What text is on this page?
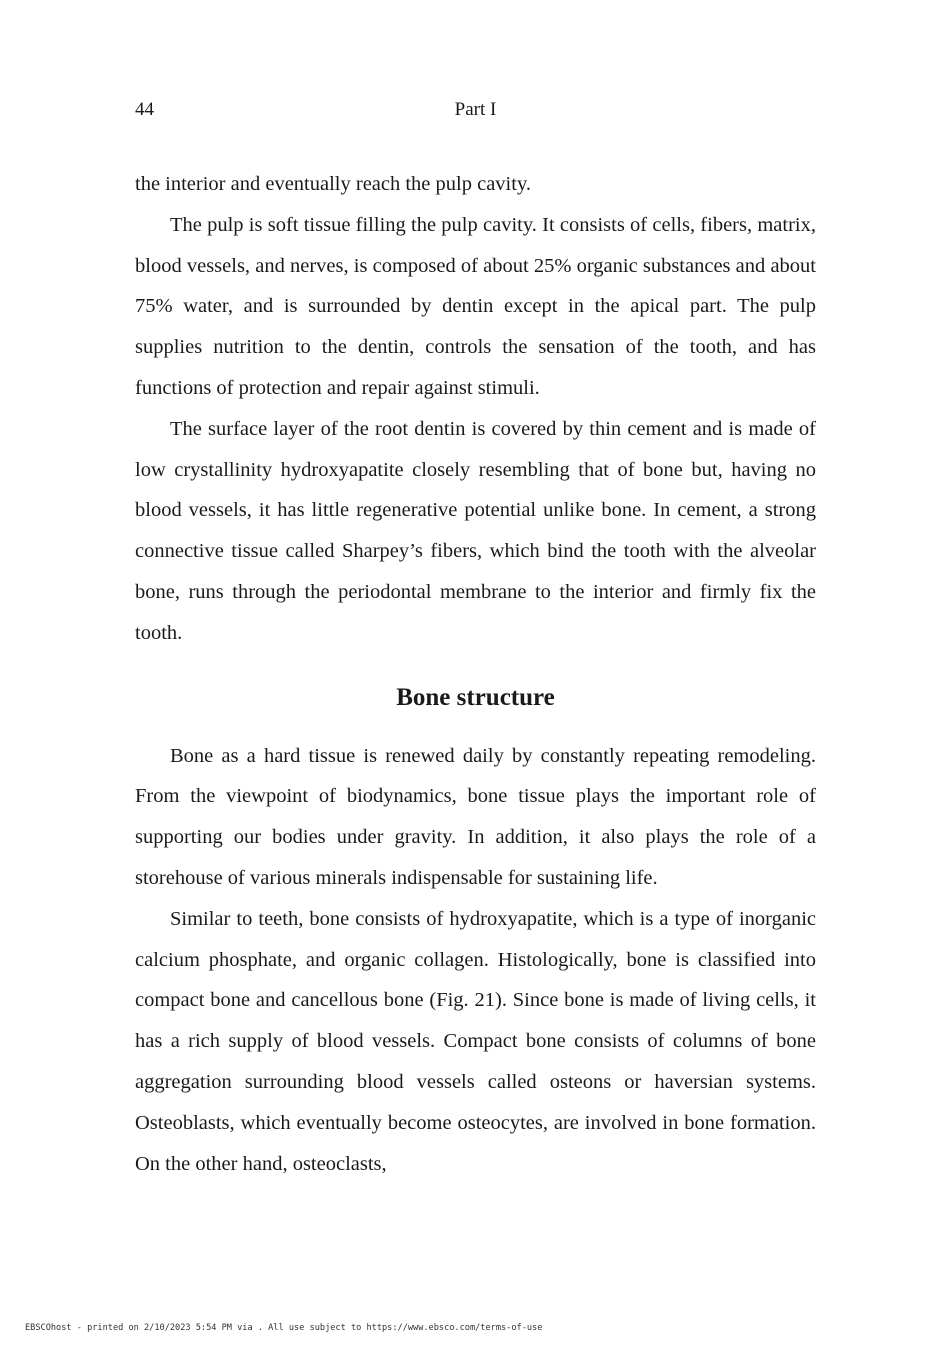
44	Part I

the interior and eventually reach the pulp cavity.

The pulp is soft tissue filling the pulp cavity. It consists of cells, fibers, matrix, blood vessels, and nerves, is composed of about 25% organic substances and about 75% water, and is surrounded by dentin except in the apical part. The pulp supplies nutrition to the dentin, controls the sensation of the tooth, and has functions of protection and repair against stimuli.

The surface layer of the root dentin is covered by thin cement and is made of low crystallinity hydroxyapatite closely resembling that of bone but, having no blood vessels, it has little regenerative potential unlike bone. In cement, a strong connective tissue called Sharpey’s fibers, which bind the tooth with the alveolar bone, runs through the periodontal membrane to the interior and firmly fix the tooth.

Bone structure

Bone as a hard tissue is renewed daily by constantly repeating remodeling. From the viewpoint of biodynamics, bone tissue plays the important role of supporting our bodies under gravity. In addition, it also plays the role of a storehouse of various minerals indispensable for sustaining life.

Similar to teeth, bone consists of hydroxyapatite, which is a type of inorganic calcium phosphate, and organic collagen. Histologically, bone is classified into compact bone and cancellous bone (Fig. 21). Since bone is made of living cells, it has a rich supply of blood vessels. Compact bone consists of columns of bone aggregation surrounding blood vessels called osteons or haversian systems. Osteoblasts, which eventually become osteocytes, are involved in bone formation. On the other hand, osteoclasts,

EBSCOhost - printed on 2/10/2023 5:54 PM via . All use subject to https://www.ebsco.com/terms-of-use
